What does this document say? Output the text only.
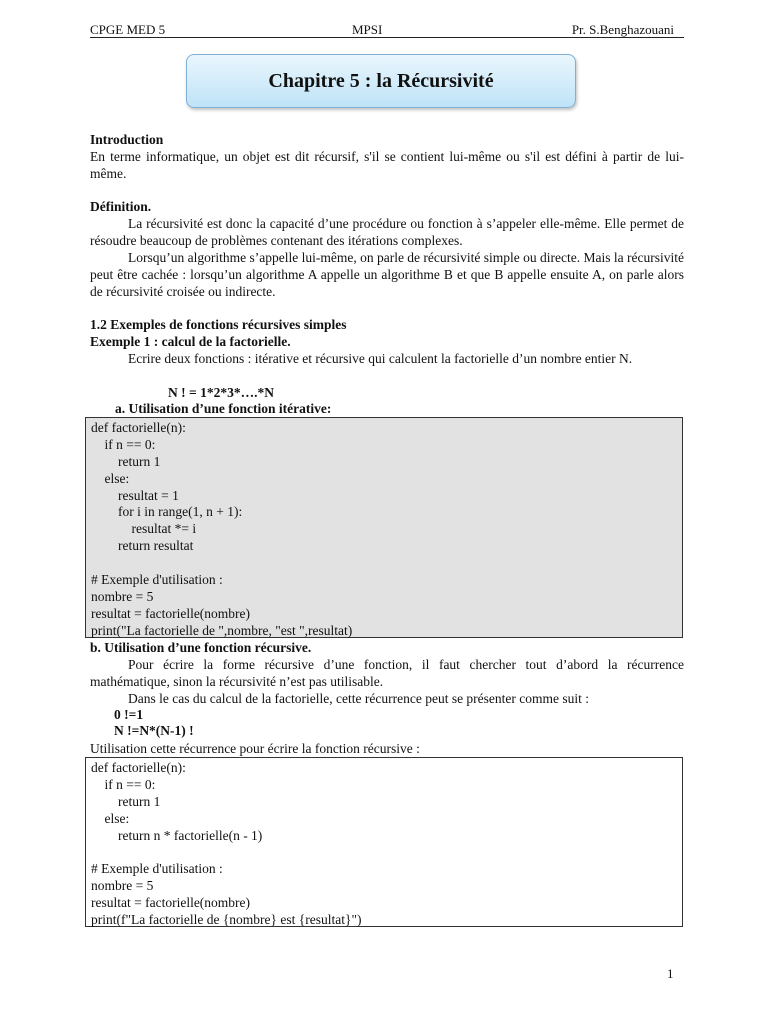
CPGE MED 5	MPSI	Pr. S.Benghazouani
Chapitre 5 : la Récursivité
Introduction
En terme informatique, un objet est dit récursif, s'il se contient lui-même ou s'il est défini à partir de lui-même.
Définition.
La récursivité est donc la capacité d’une procédure ou fonction à s’appeler elle-même. Elle permet de résoudre beaucoup de problèmes contenant des itérations complexes.
Lorsqu’un algorithme s’appelle lui-même, on parle de récursivité simple ou directe. Mais la récursivité peut être cachée : lorsqu’un algorithme A appelle un algorithme B et que B appelle ensuite A, on parle alors de récursivité croisée ou indirecte.
1.2 Exemples de fonctions récursives simples
Exemple 1 : calcul de la factorielle.
Ecrire deux fonctions : itérative et récursive qui calculent la factorielle d’un nombre entier N.
N ! = 1*2*3*….*N
a. Utilisation d’une fonction itérative:
def factorielle(n):
if n == 0:
return 1
else:
resultat = 1
for i in range(1, n + 1):
resultat *= i
return resultat
# Exemple d'utilisation :
nombre = 5
resultat = factorielle(nombre)
print("La factorielle de ",nombre, "est ",resultat)
b. Utilisation d’une fonction récursive.
Pour écrire la forme récursive d’une fonction, il faut chercher tout d’abord la récurrence mathématique, sinon la récursivité n’est pas utilisable.
Dans le cas du calcul de la factorielle, cette récurrence peut se présenter comme suit :
0 !=1
N !=N*(N-1) !
Utilisation cette récurrence pour écrire la fonction récursive :
def factorielle(n):
if n == 0:
return 1
else:
return n * factorielle(n - 1)
# Exemple d'utilisation :
nombre = 5
resultat = factorielle(nombre)
print(f"La factorielle de {nombre} est {resultat}")
1
